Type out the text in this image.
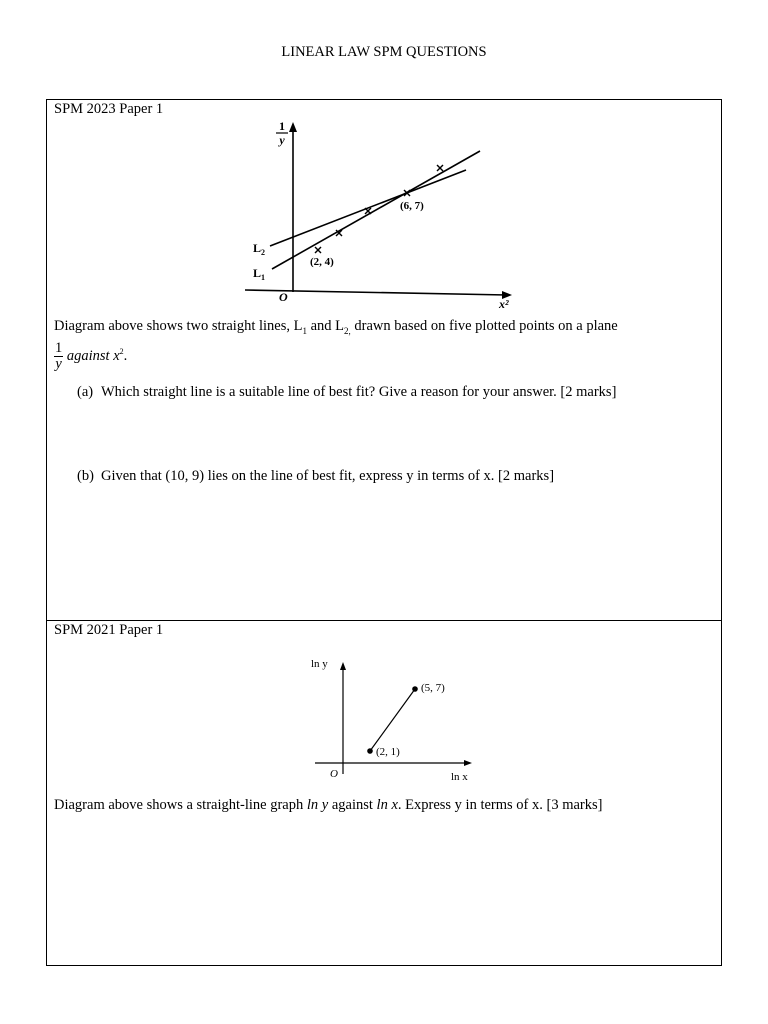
LINEAR LAW SPM QUESTIONS
SPM 2023 Paper 1
1
y
x²
O
$L_2$
$L_1$
(2, 4)
(6, 7)
Diagram above shows two straight lines, $L_1$ and $L_{2,}$ drawn based on five plotted points on a plane

$\frac{1}{y}$ against $x^2$.
(a) Which straight line is a suitable line of best fit? Give a reason for your answer. [2 marks]
(b) Given that (10, 9) lies on the line of best fit, express y in terms of x. [2 marks]
SPM 2021 Paper 1
ln y
ln x
O
(2, 1)
(5, 7)
Diagram above shows a straight-line graph ln y against ln x. Express y in terms of x. [3 marks]
